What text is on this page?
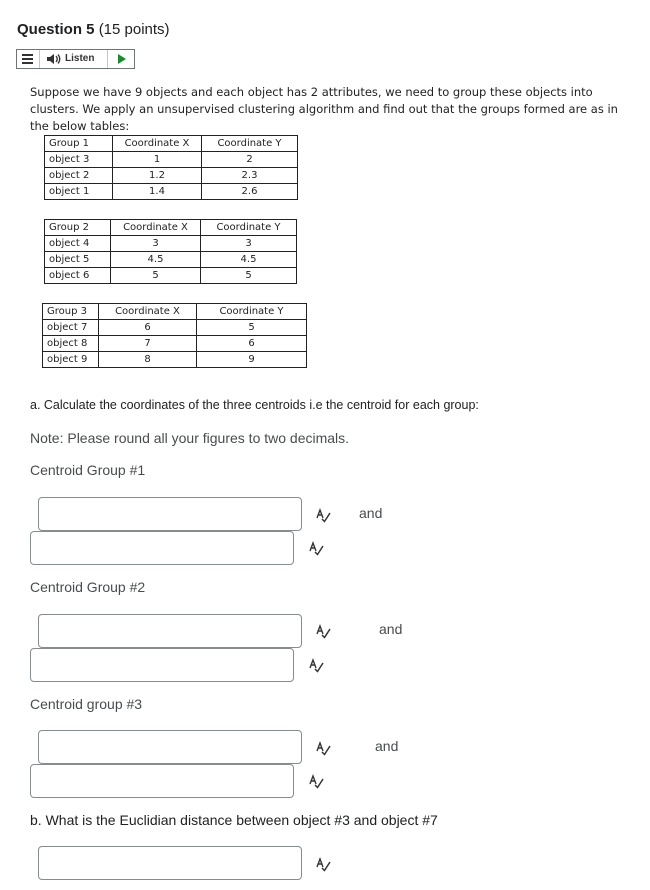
Question 5 (15 points)
Listen
Suppose we have 9 objects and each object has 2 attributes, we need to group these objects into clusters. We apply an unsupervised clustering algorithm and find out that the groups formed are as in the below tables:
Group 1	Coordinate X	Coordinate Y
object 3	1	2
object 2	1.2	2.3
object 1	1.4	2.6
Group 2	Coordinate X	Coordinate Y
object 4	3	3
object 5	4.5	4.5
object 6	5	5
Group 3	Coordinate X	Coordinate Y
object 7	6	5
object 8	7	6
object 9	8	9
a. Calculate the coordinates of the three centroids i.e the centroid for each group:
Note: Please round all your figures to two decimals.
Centroid Group #1
and
Centroid Group #2
and
Centroid group #3
and
b. What is the Euclidian distance between object #3 and object #7
